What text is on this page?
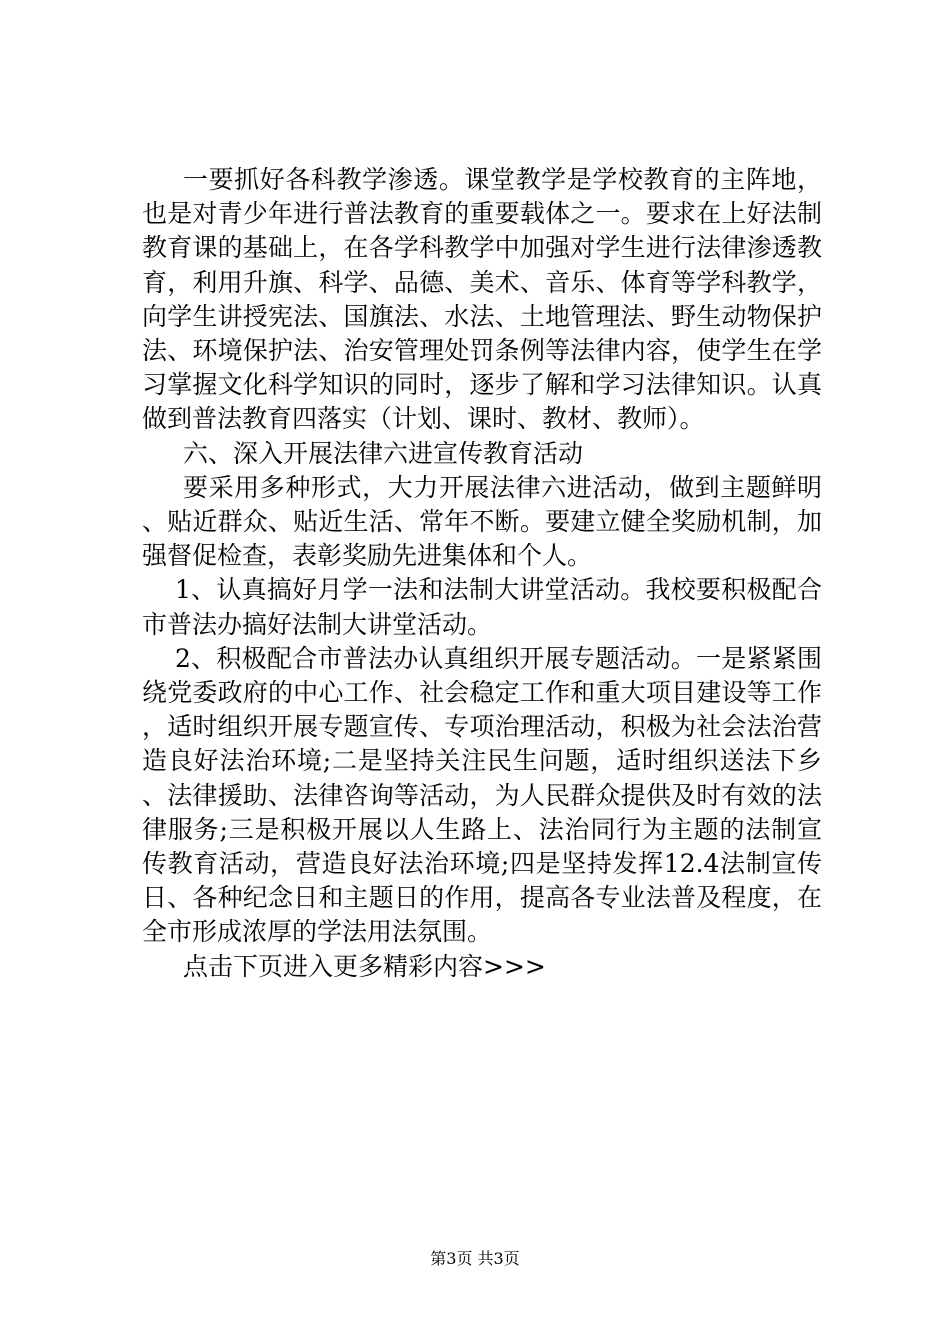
一要抓好各科教学渗透。课堂教学是学校教育的主阵地，也是对青少年进行普法教育的重要载体之一。要求在上好法制教育课的基础上，在各学科教学中加强对学生进行法律渗透教育，利用升旗、科学、品德、美术、音乐、体育等学科教学，向学生讲授宪法、国旗法、水法、土地管理法、野生动物保护法、环境保护法、治安管理处罚条例等法律内容，使学生在学习掌握文化科学知识的同时，逐步了解和学习法律知识。认真做到普法教育四落实（计划、课时、教材、教师）。

六、深入开展法律六进宣传教育活动

要采用多种形式，大力开展法律六进活动，做到主题鲜明、贴近群众、贴近生活、常年不断。要建立健全奖励机制，加强督促检查，表彰奖励先进集体和个人。

1、认真搞好月学一法和法制大讲堂活动。我校要积极配合市普法办搞好法制大讲堂活动。

2、积极配合市普法办认真组织开展专题活动。一是紧紧围绕党委政府的中心工作、社会稳定工作和重大项目建设等工作，适时组织开展专题宣传、专项治理活动，积极为社会法治营造良好法治环境;二是坚持关注民生问题，适时组织送法下乡、法律援助、法律咨询等活动，为人民群众提供及时有效的法律服务;三是积极开展以人生路上、法治同行为主题的法制宣传教育活动，营造良好法治环境;四是坚持发挥12.4法制宣传日、各种纪念日和主题日的作用，提高各专业法普及程度，在全市形成浓厚的学法用法氛围。

点击下页进入更多精彩内容>>>

第3页 共3页
